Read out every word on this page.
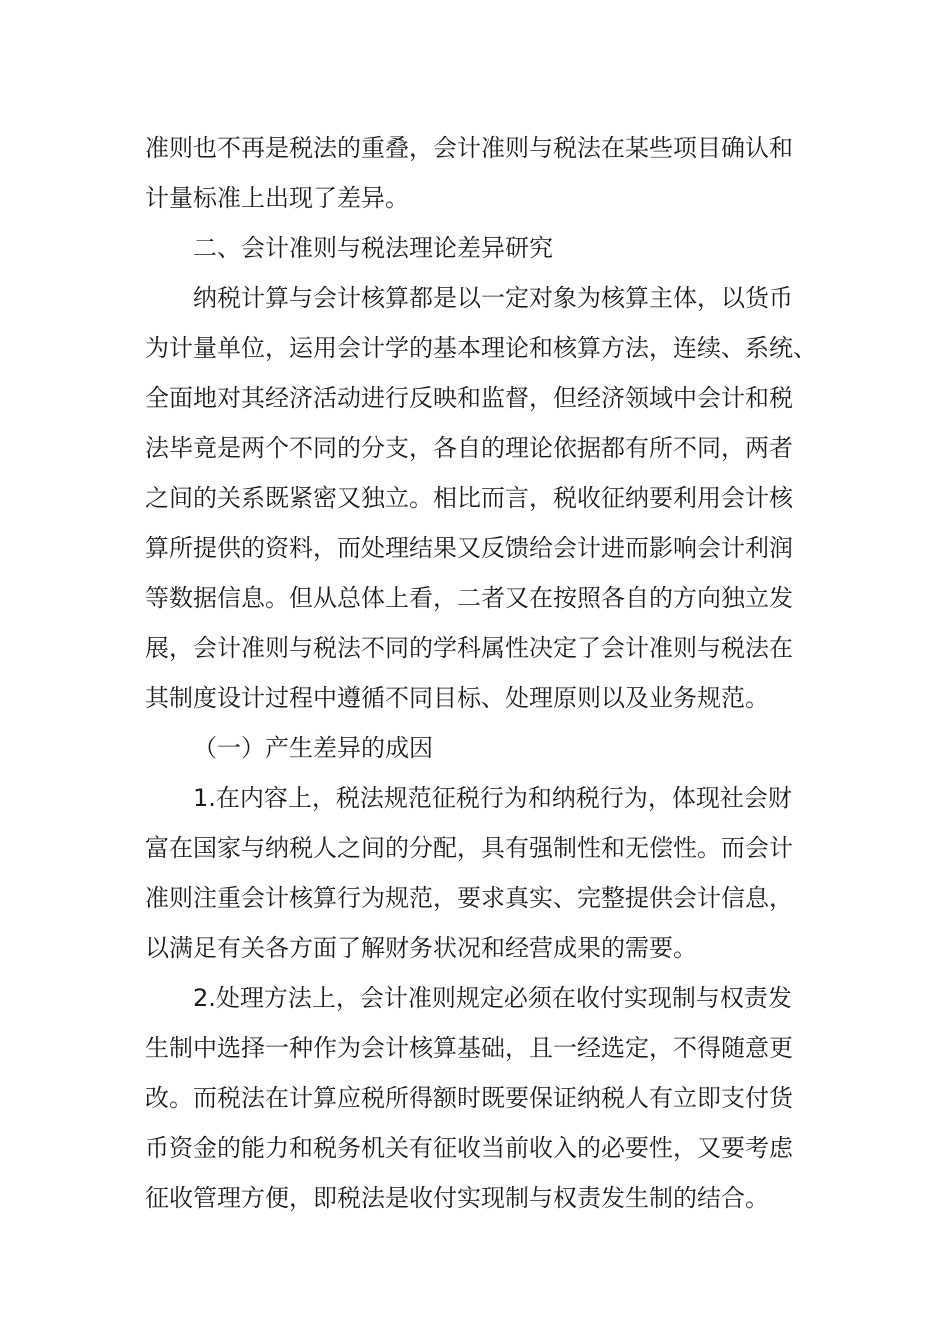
准则也不再是税法的重叠，会计准则与税法在某些项目确认和
计量标准上出现了差异。
二、会计准则与税法理论差异研究
纳税计算与会计核算都是以一定对象为核算主体，以货币
为计量单位，运用会计学的基本理论和核算方法，连续、系统、
全面地对其经济活动进行反映和监督，但经济领域中会计和税
法毕竟是两个不同的分支，各自的理论依据都有所不同，两者
之间的关系既紧密又独立。相比而言，税收征纳要利用会计核
算所提供的资料，而处理结果又反馈给会计进而影响会计利润
等数据信息。但从总体上看，二者又在按照各自的方向独立发
展，会计准则与税法不同的学科属性决定了会计准则与税法在
其制度设计过程中遵循不同目标、处理原则以及业务规范。
（一）产生差异的成因
1.在内容上，税法规范征税行为和纳税行为，体现社会财
富在国家与纳税人之间的分配，具有强制性和无偿性。而会计
准则注重会计核算行为规范，要求真实、完整提供会计信息，
以满足有关各方面了解财务状况和经营成果的需要。
2.处理方法上，会计准则规定必须在收付实现制与权责发
生制中选择一种作为会计核算基础，且一经选定，不得随意更
改。而税法在计算应税所得额时既要保证纳税人有立即支付货
币资金的能力和税务机关有征收当前收入的必要性，又要考虑
征收管理方便，即税法是收付实现制与权责发生制的结合。
